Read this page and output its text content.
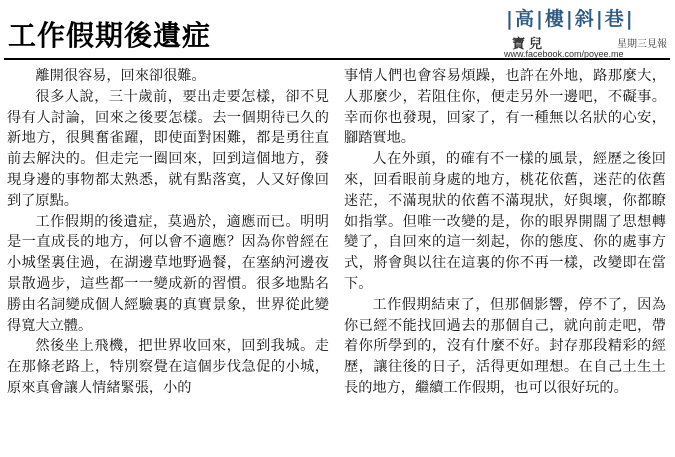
工作假期後遺症	|高|樓|斜|巷|
寶兒	星期三見報
www.facebook.com/poyee.me

離開很容易，回來卻很難。

很多人說，三十歲前，要出走要怎樣，卻不見得有人討論，回來之後要怎樣。去一個期待已久的新地方，很興奮雀躍，即使面對困難，都是勇往直前去解決的。但走完一圈回來，回到這個地方，發現身邊的事物都太熟悉，就有點落寞，人又好像回到了原點。

工作假期的後遺症，莫過於，適應而已。明明是一直成長的地方，何以會不適應？因為你曾經在小城堡裏住過，在湖邊草地野過餐，在塞納河邊夜景散過步，這些都一一變成新的習慣。很多地點名勝由名詞變成個人經驗裏的真實景象，世界從此變得寬大立體。

然後坐上飛機，把世界收回來，回到我城。走在那條老路上，特別察覺在這個步伐急促的小城，原來真會讓人情緒緊張，小的

事情人們也會容易煩躁，也許在外地，路那麼大，人那麼少，若阻住你，便走另外一邊吧，不礙事。幸而你也發現，回家了，有一種無以名狀的心安，腳踏實地。

人在外頭，的確有不一樣的風景，經歷之後回來，回看眼前身處的地方，桃花依舊，迷茫的依舊迷茫，不滿現狀的依舊不滿現狀，好與壞，你都瞭如指掌。但唯一改變的是，你的眼界開闊了思想轉變了，自回來的這一刻起，你的態度、你的處事方式，將會與以往在這裏的你不再一樣，改變即在當下。

工作假期結束了，但那個影響，停不了，因為你已經不能找回過去的那個自己，就向前走吧，帶着你所學到的，沒有什麼不好。封存那段精彩的經歷，讓往後的日子，活得更如理想。在自己土生土長的地方，繼續工作假期，也可以很好玩的。
